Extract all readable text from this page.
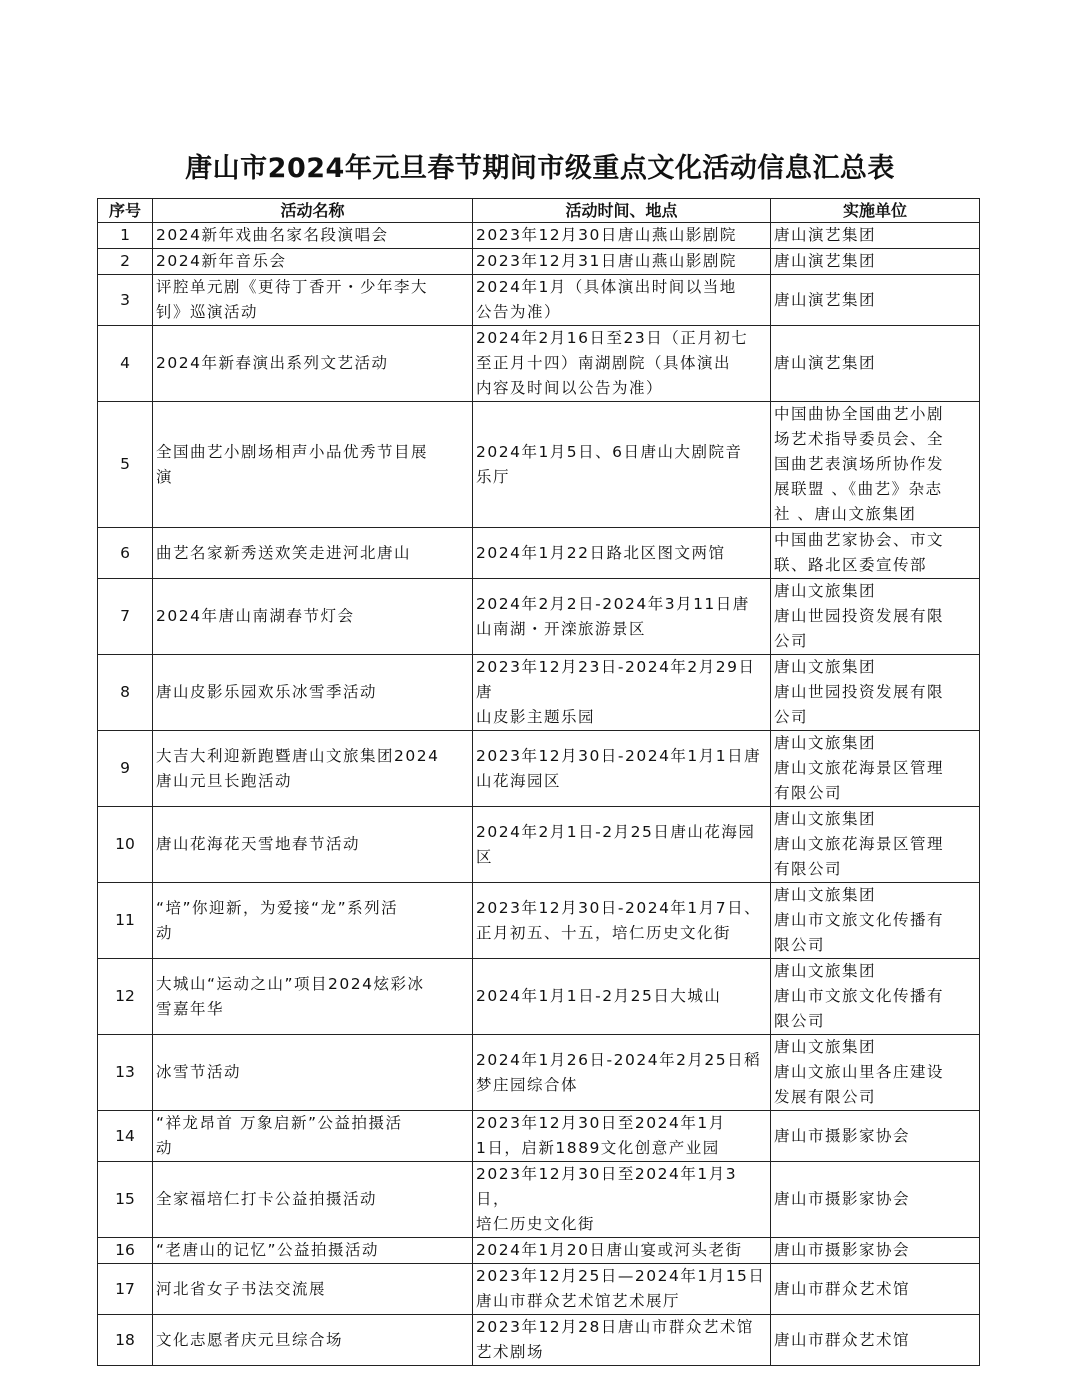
唐山市2024年元旦春节期间市级重点文化活动信息汇总表
序号	活动名称	活动时间、地点	实施单位
1	2024新年戏曲名家名段演唱会	2023年12月30日唐山燕山影剧院	唐山演艺集团
2	2024新年音乐会	2023年12月31日唐山燕山影剧院	唐山演艺集团
3	评腔单元剧《更待丁香开・少年李大
钊》巡演活动	2024年1月（具体演出时间以当地
公告为准）	唐山演艺集团
4	2024年新春演出系列文艺活动	2024年2月16日至23日（正月初七
至正月十四）南湖剧院（具体演出
内容及时间以公告为准）	唐山演艺集团
5	全国曲艺小剧场相声小品优秀节目展
演	2024年1月5日、6日唐山大剧院音
乐厅	中国曲协全国曲艺小剧
场艺术指导委员会、全
国曲艺表演场所协作发
展联盟 、《曲艺》杂志
社 、唐山文旅集团
6	曲艺名家新秀送欢笑走进河北唐山	2024年1月22日路北区图文两馆	中国曲艺家协会、市文
联、路北区委宣传部
7	2024年唐山南湖春节灯会	2024年2月2日-2024年3月11日唐
山南湖・开滦旅游景区	唐山文旅集团
唐山世园投资发展有限
公司
8	唐山皮影乐园欢乐冰雪季活动	2023年12月23日-2024年2月29日唐
山皮影主题乐园	唐山文旅集团
唐山世园投资发展有限
公司
9	大吉大利迎新跑暨唐山文旅集团2024
唐山元旦长跑活动	2023年12月30日-2024年1月1日唐
山花海园区	唐山文旅集团
唐山文旅花海景区管理
有限公司
10	唐山花海花天雪地春节活动	2024年2月1日-2月25日唐山花海园
区	唐山文旅集团
唐山文旅花海景区管理
有限公司
11	“培”你迎新，为爱接“龙”系列活
动	2023年12月30日-2024年1月7日、
正月初五、十五，培仁历史文化街	唐山文旅集团
唐山市文旅文化传播有
限公司
12	大城山“运动之山”项目2024炫彩冰
雪嘉年华	2024年1月1日-2月25日大城山	唐山文旅集团
唐山市文旅文化传播有
限公司
13	冰雪节活动	2024年1月26日-2024年2月25日稻
梦庄园综合体	唐山文旅集团
唐山文旅山里各庄建设
发展有限公司
14	“祥龙昂首 万象启新”公益拍摄活
动	2023年12月30日至2024年1月
1日，启新1889文化创意产业园	唐山市摄影家协会
15	全家福培仁打卡公益拍摄活动	2023年12月30日至2024年1月3日，
培仁历史文化街	唐山市摄影家协会
16	“老唐山的记忆”公益拍摄活动	2024年1月20日唐山宴或河头老街	唐山市摄影家协会
17	河北省女子书法交流展	2023年12月25日—2024年1月15日
唐山市群众艺术馆艺术展厅	唐山市群众艺术馆
18	文化志愿者庆元旦综合场	2023年12月28日唐山市群众艺术馆
艺术剧场	唐山市群众艺术馆
